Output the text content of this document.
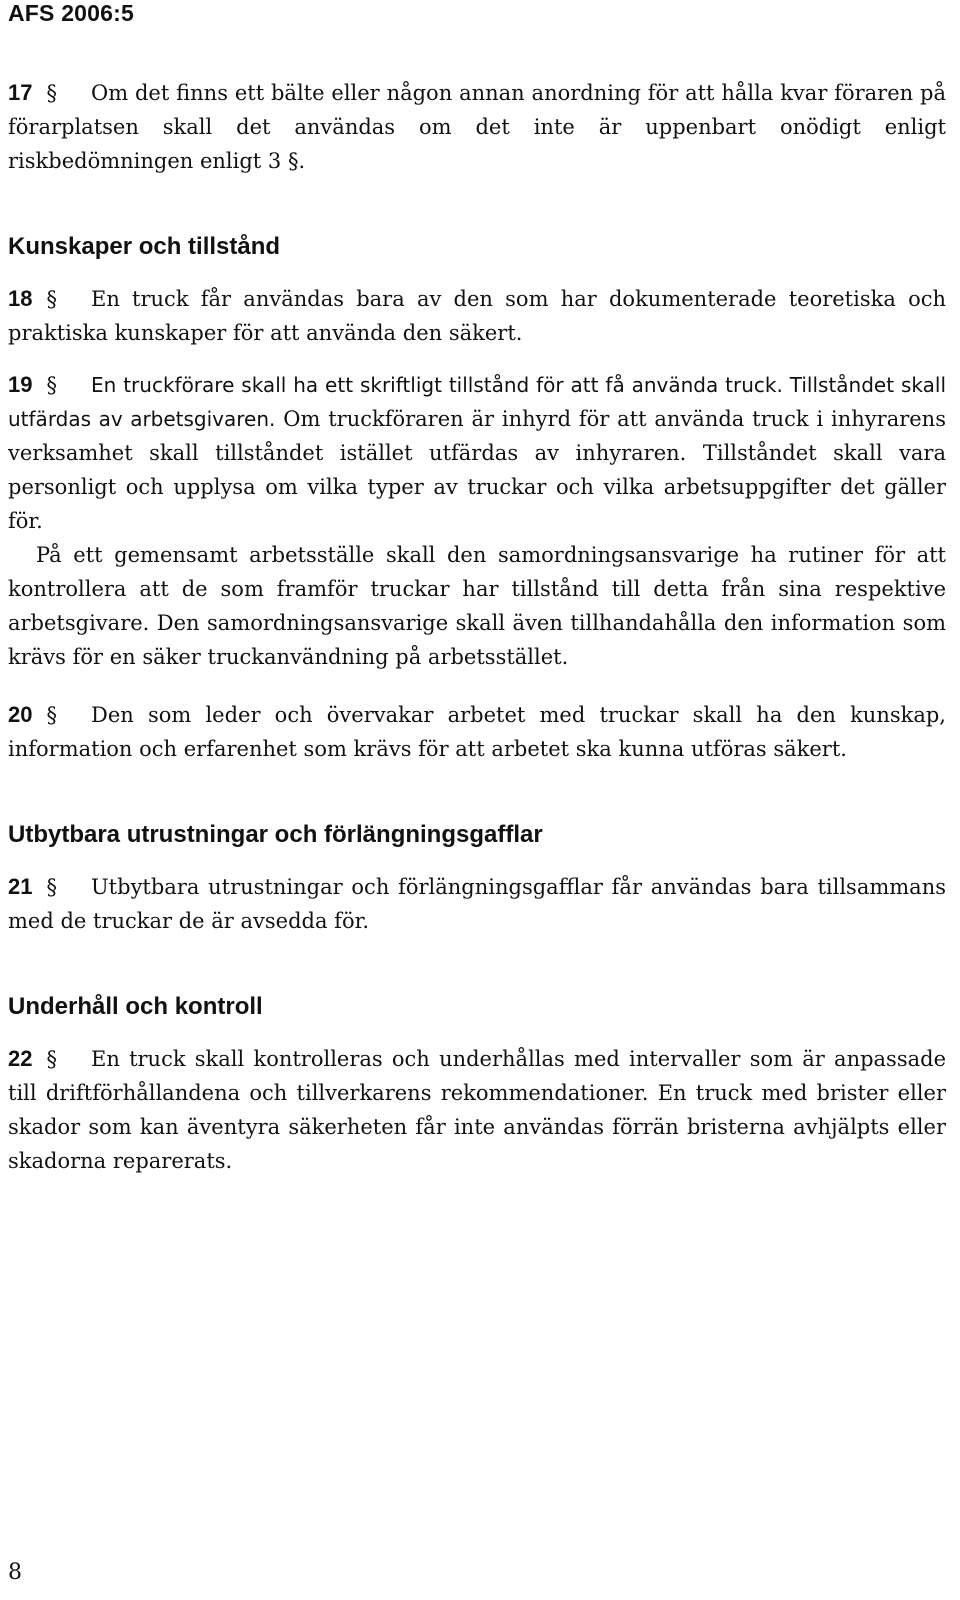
AFS 2006:5

17 § Om det finns ett bälte eller någon annan anordning för att hålla kvar föraren på förarplatsen skall det användas om det inte är uppenbart onödigt enligt riskbedömningen enligt 3 §.

Kunskaper och tillstånd

18 § En truck får användas bara av den som har dokumenterade teoretiska och praktiska kunskaper för att använda den säkert.

19 § En truckförare skall ha ett skriftligt tillstånd för att få använda truck. Tillståndet skall utfärdas av arbetsgivaren. Om truckföraren är inhyrd för att använda truck i inhyrarens verksamhet skall tillståndet istället utfärdas av inhyraren. Tillståndet skall vara personligt och upplysa om vilka typer av truckar och vilka arbetsuppgifter det gäller för.

På ett gemensamt arbetsställe skall den samordningsansvarige ha rutiner för att kontrollera att de som framför truckar har tillstånd till detta från sina respektive arbetsgivare. Den samordningsansvarige skall även tillhandahålla den information som krävs för en säker truckanvändning på arbetsstället.

20 § Den som leder och övervakar arbetet med truckar skall ha den kunskap, information och erfarenhet som krävs för att arbetet ska kunna utföras säkert.

Utbytbara utrustningar och förlängningsgafflar

21 § Utbytbara utrustningar och förlängningsgafflar får användas bara tillsammans med de truckar de är avsedda för.

Underhåll och kontroll

22 § En truck skall kontrolleras och underhållas med intervaller som är anpassade till driftförhållandena och tillverkarens rekommendationer. En truck med brister eller skador som kan äventyra säkerheten får inte användas förrän bristerna avhjälpts eller skadorna reparerats.

8
